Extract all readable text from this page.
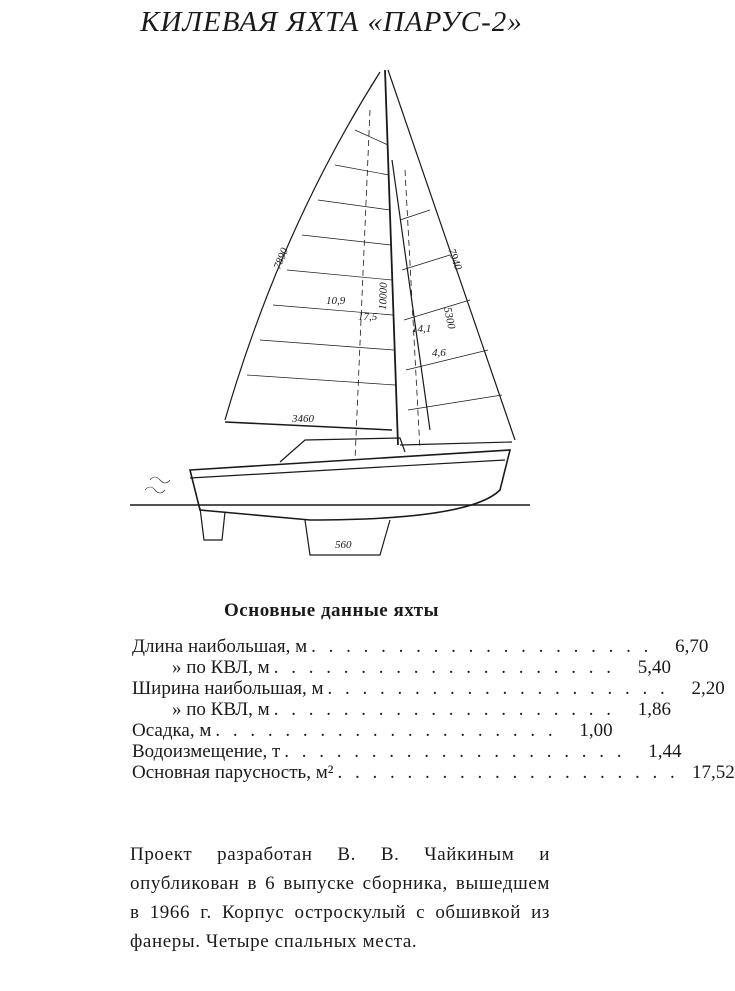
КИЛЕВАЯ ЯХТА «ПАРУС-2»
7940
10000
7890
5300
10,9
17,5
14,1
4,6
3460
560
Основные данные яхты
Длина наибольшая, м . . . . . . . . . . . . . . . . . . . .	6,70
» по КВЛ, м . . . . . . . . . . . . . . . . . . . .	5,40
Ширина наибольшая, м . . . . . . . . . . . . . . . . . . . .	2,20
» по КВЛ, м . . . . . . . . . . . . . . . . . . . .	1,86
Осадка, м . . . . . . . . . . . . . . . . . . . .	1,00
Водоизмещение, т . . . . . . . . . . . . . . . . . . . .	1,44
Основная парусность, м² . . . . . . . . . . . . . . . . . . . . 17,52
Проект разработан В. В. Чайкиным и опубликован в 6 выпуске сборника, вышедшем в 1966 г. Корпус остроскулый с обшивкой из фанеры. Четыре спальных места.
